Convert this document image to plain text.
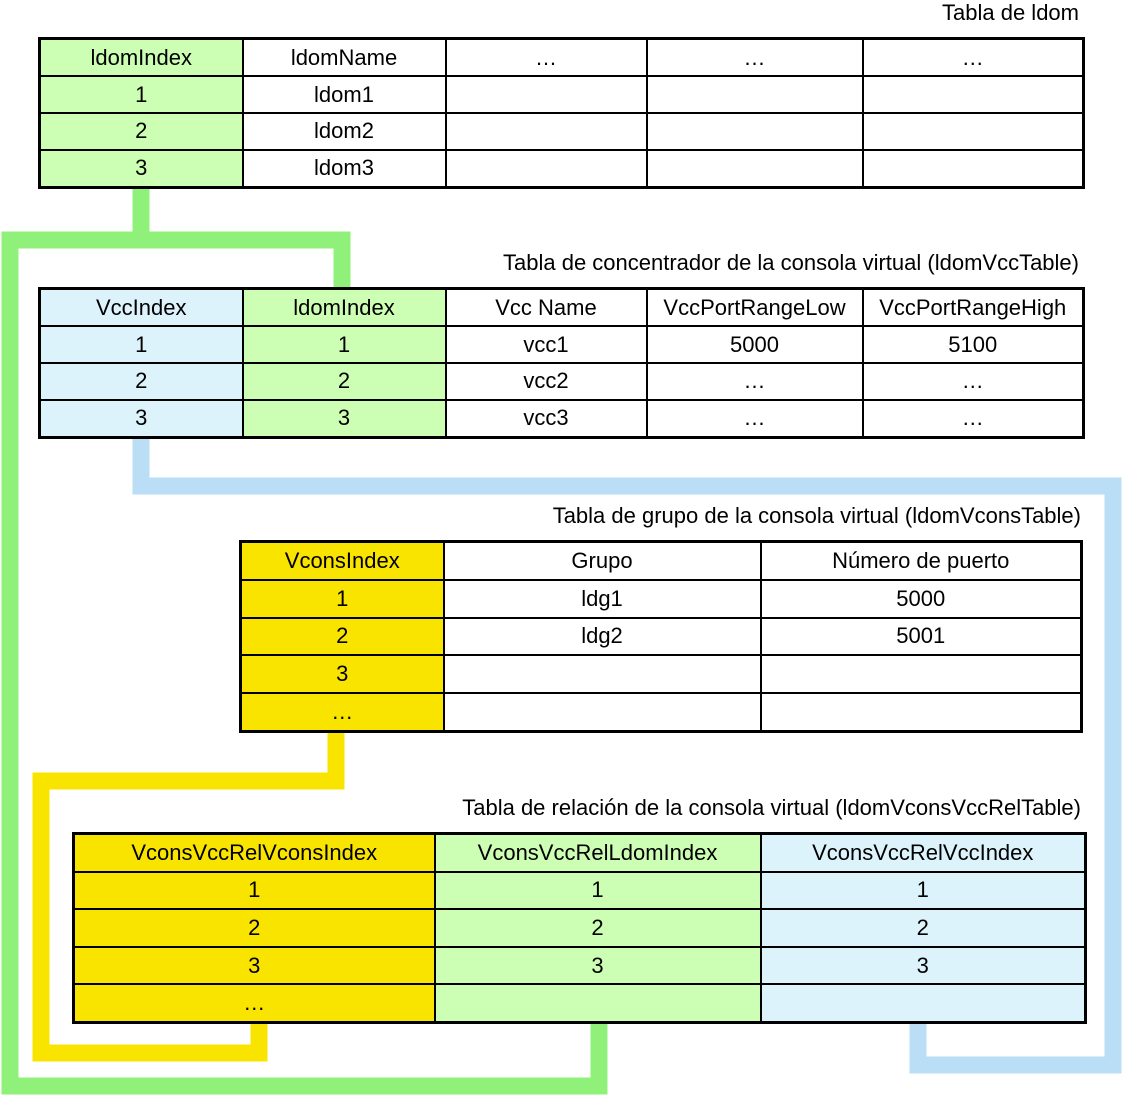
Tabla de ldom
ldomIndex	ldomName	…	…	…
1	ldom1			
2	ldom2			
3	ldom3			
Tabla de concentrador de la consola virtual (ldomVccTable)
VccIndex	ldomIndex	Vcc Name	VccPortRangeLow	VccPortRangeHigh
1	1	vcc1	5000	5100
2	2	vcc2	…	…
3	3	vcc3	…	…
Tabla de grupo de la consola virtual (ldomVconsTable)
VconsIndex	Grupo	Número de puerto
1	ldg1	5000
2	ldg2	5001
3		
…		
Tabla de relación de la consola virtual (ldomVconsVccRelTable)
VconsVccRelVconsIndex	VconsVccRelLdomIndex	VconsVccRelVccIndex
1	1	1
2	2	2
3	3	3
…		
